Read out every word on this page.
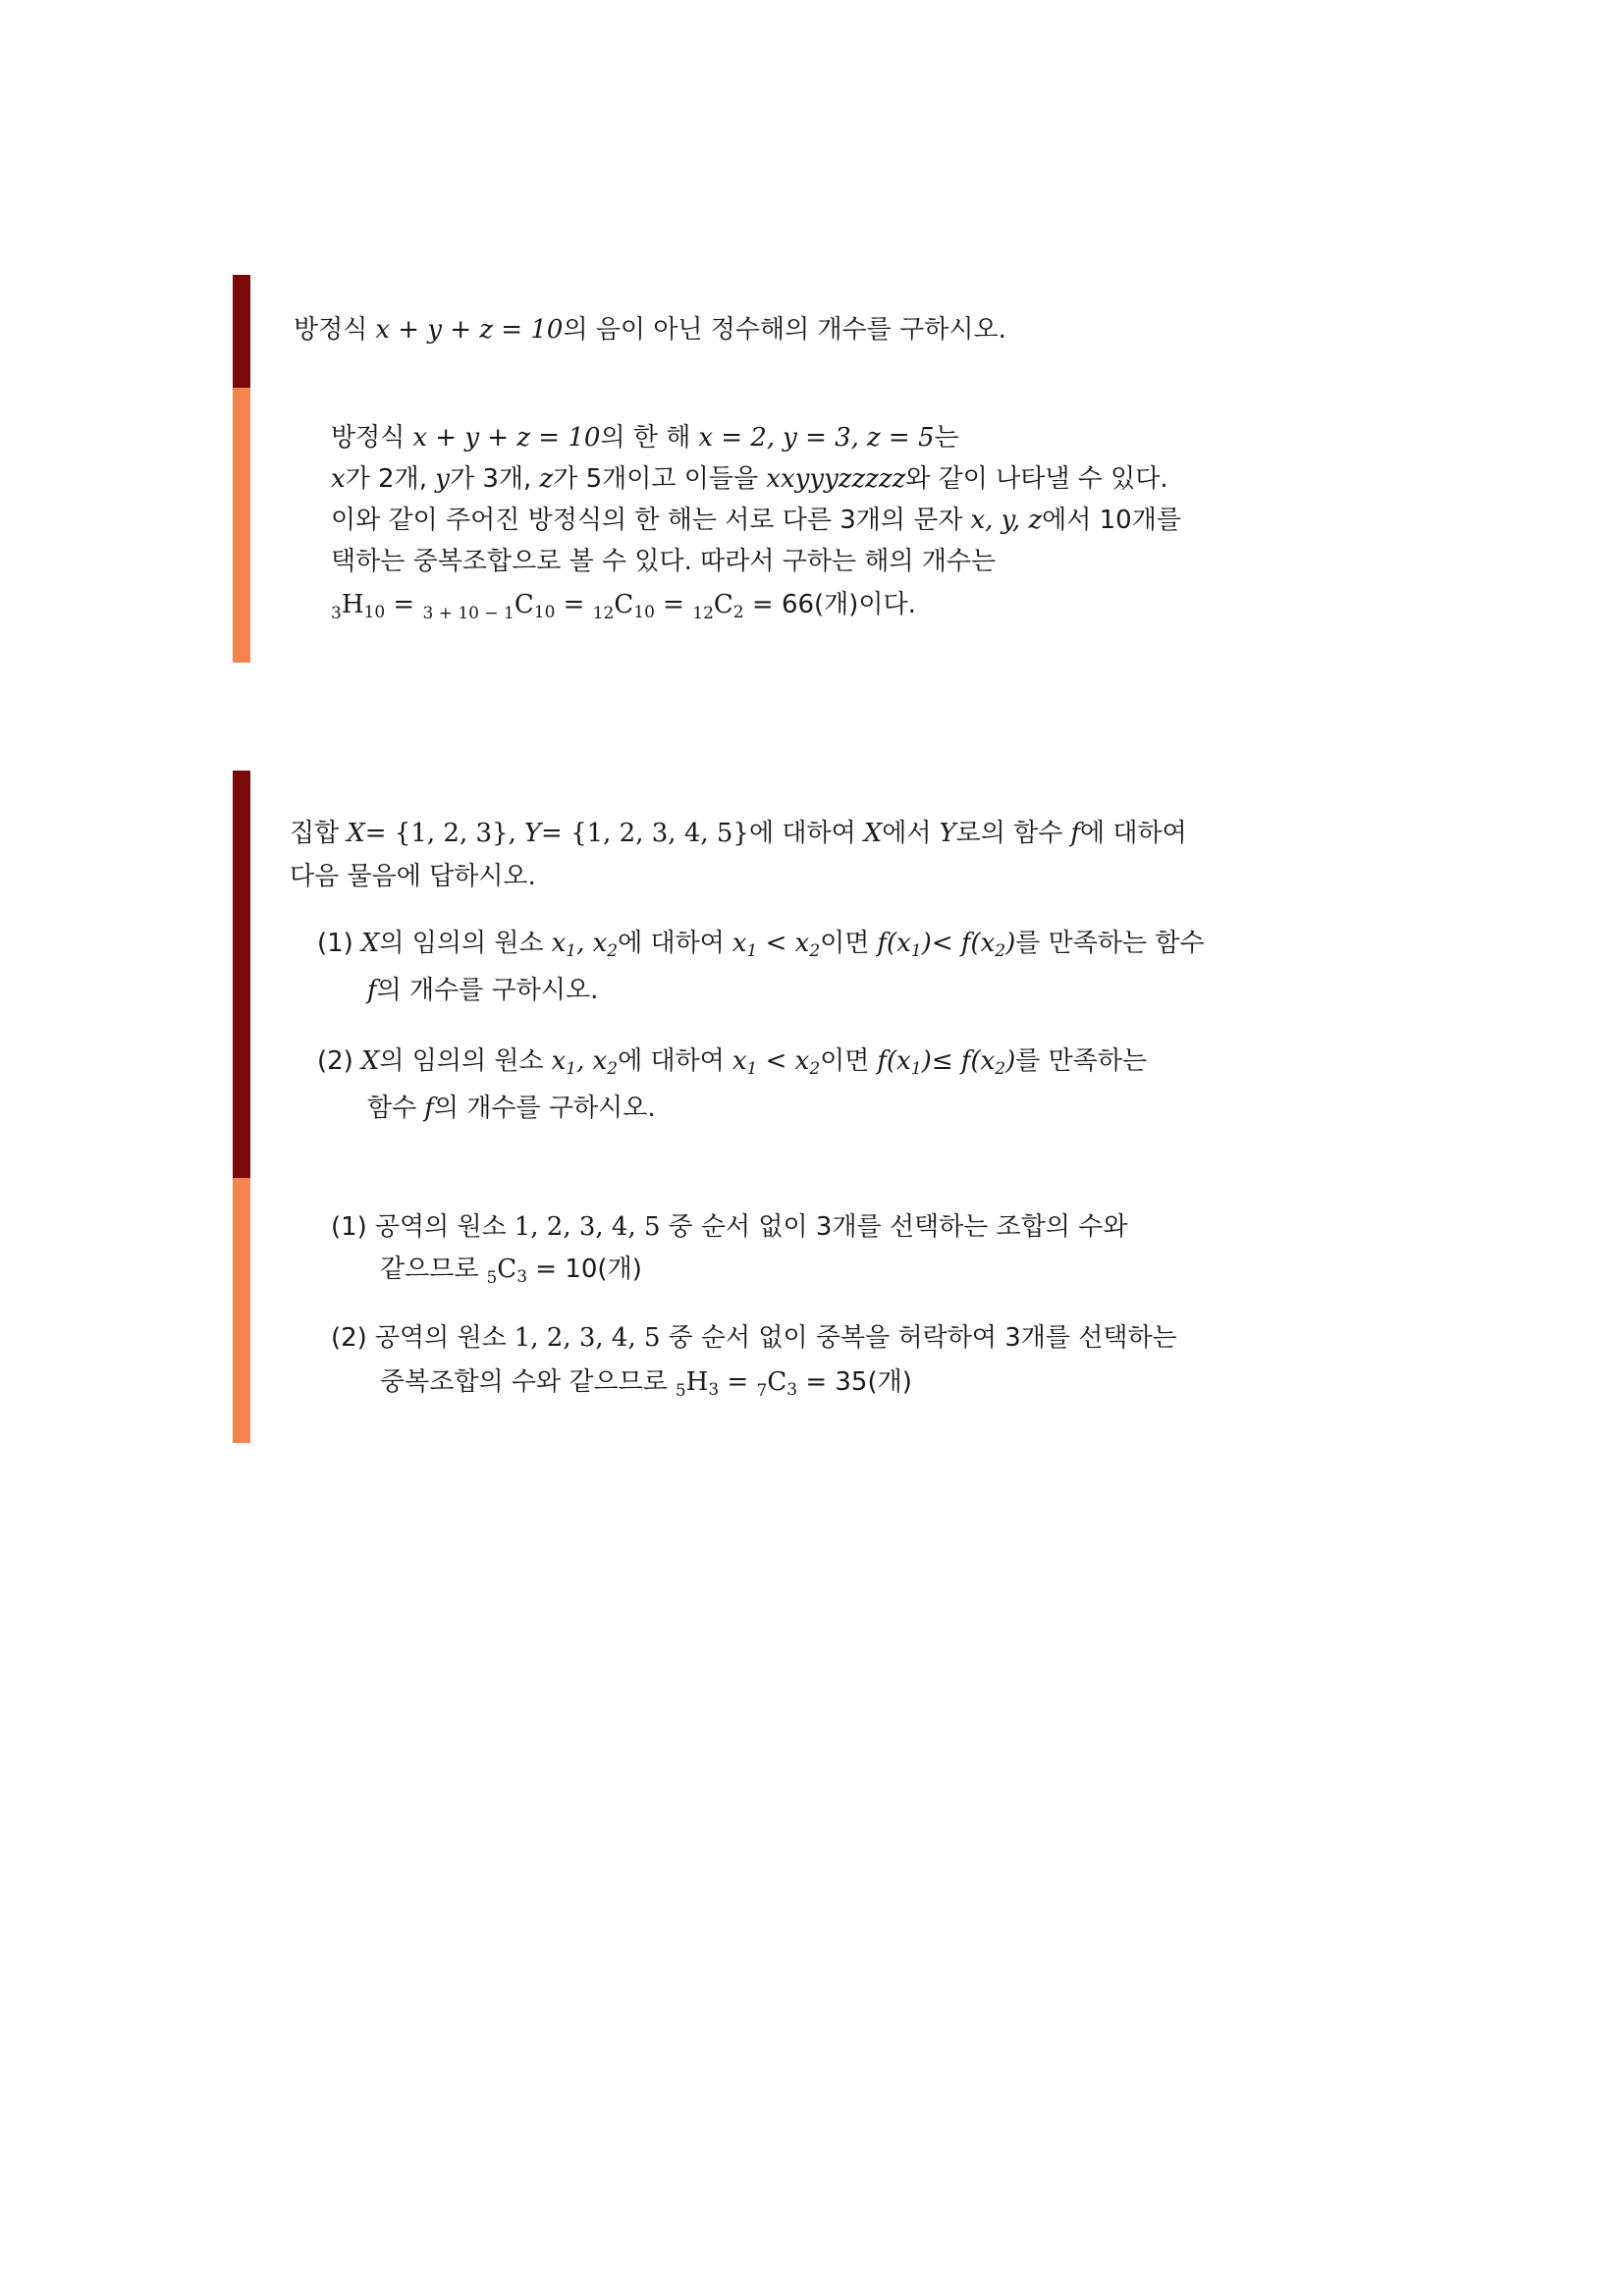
방정식 x + y + z = 10의 음이 아닌 정수해의 개수를 구하시오.
방정식 x + y + z = 10의 한 해 x = 2, y = 3, z = 5는
x가 2개, y가 3개, z가 5개이고 이들을 xxyyyzzzzz와 같이 나타낼 수 있다.
이와 같이 주어진 방정식의 한 해는 서로 다른 3개의 문자 x, y, z에서 10개를
택하는 중복조합으로 볼 수 있다. 따라서 구하는 해의 개수는
$_3H_{10} = _{3 + 10 - 1}C_{10} = _{12}C_{10} = _{12}C_2 = 66$(개)이다.
집합 X= {1, 2, 3}, Y= {1, 2, 3, 4, 5}에 대하여 X에서 Y로의 함수 f에 대하여
다음 물음에 답하시오.
(1) X의 임의의 원소 $x_1$, $x_2$에 대하여 $x_1 < x_2$이면 $f(x_1)< f(x_2)$를 만족하는 함수
f의 개수를 구하시오.
(2) X의 임의의 원소 $x_1$, $x_2$에 대하여 $x_1 < x_2$이면 $f(x_1)\le f(x_2)$를 만족하는
함수 f의 개수를 구하시오.
(1) 공역의 원소 1, 2, 3, 4, 5 중 순서 없이 3개를 선택하는 조합의 수와
같으므로 $_5C_3 = 10$(개)
(2) 공역의 원소 1, 2, 3, 4, 5 중 순서 없이 중복을 허락하여 3개를 선택하는
중복조합의 수와 같으므로 $_5H_3 = _7C_3 = 35$(개)
